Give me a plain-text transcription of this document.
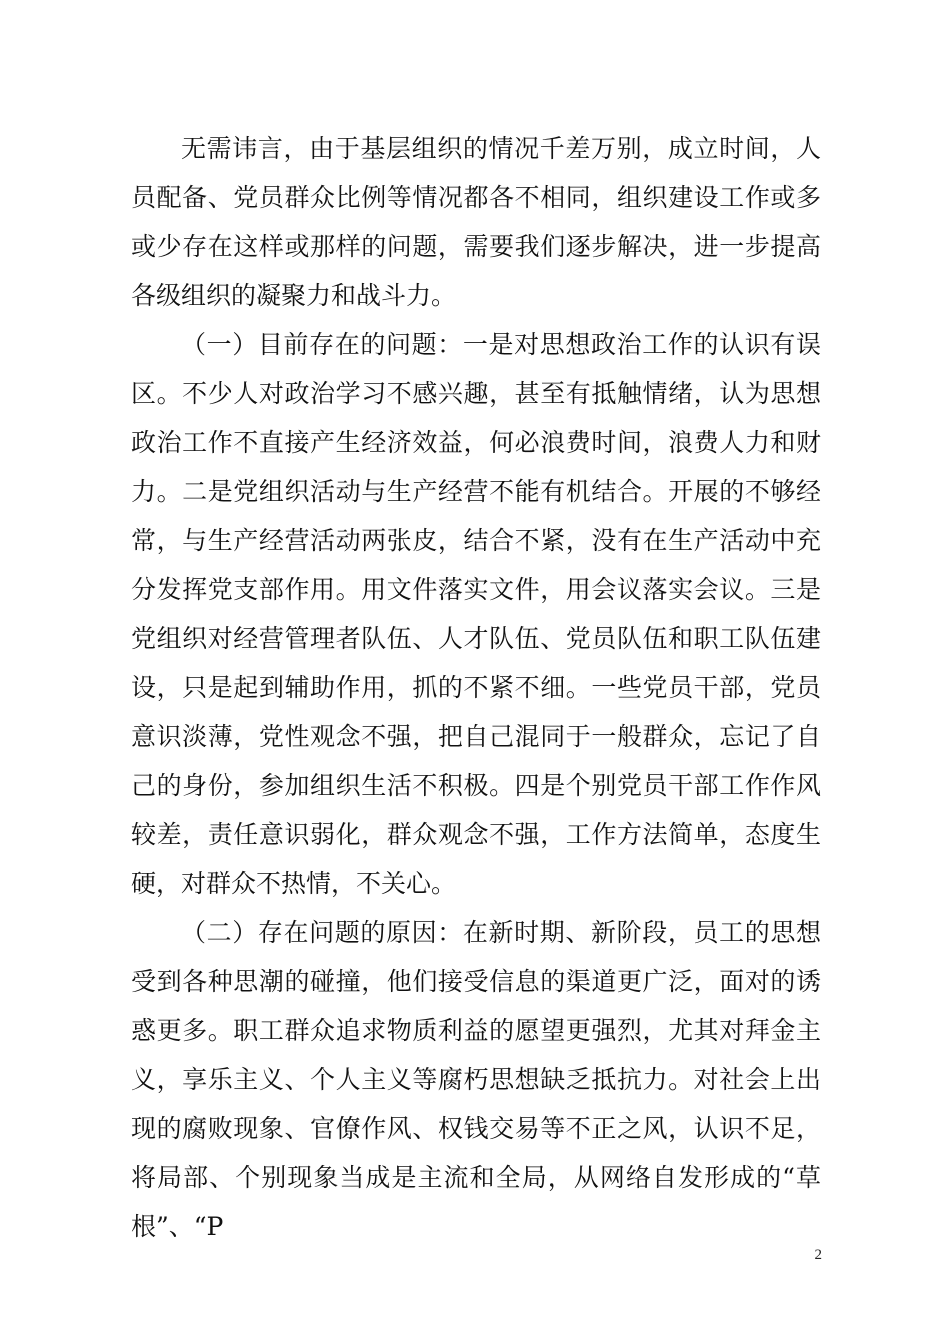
无需讳言，由于基层组织的情况千差万别，成立时间，人员配备、党员群众比例等情况都各不相同，组织建设工作或多或少存在这样或那样的问题，需要我们逐步解决，进一步提高各级组织的凝聚力和战斗力。

（一）目前存在的问题：一是对思想政治工作的认识有误区。不少人对政治学习不感兴趣，甚至有抵触情绪，认为思想政治工作不直接产生经济效益，何必浪费时间，浪费人力和财力。二是党组织活动与生产经营不能有机结合。开展的不够经常，与生产经营活动两张皮，结合不紧，没有在生产活动中充分发挥党支部作用。用文件落实文件，用会议落实会议。三是党组织对经营管理者队伍、人才队伍、党员队伍和职工队伍建设，只是起到辅助作用，抓的不紧不细。一些党员干部，党员意识淡薄，党性观念不强，把自己混同于一般群众，忘记了自己的身份，参加组织生活不积极。四是个别党员干部工作作风较差，责任意识弱化，群众观念不强，工作方法简单，态度生硬，对群众不热情，不关心。

（二）存在问题的原因：在新时期、新阶段，员工的思想受到各种思潮的碰撞，他们接受信息的渠道更广泛，面对的诱惑更多。职工群众追求物质利益的愿望更强烈，尤其对拜金主义，享乐主义、个人主义等腐朽思想缺乏抵抗力。对社会上出现的腐败现象、官僚作风、权钱交易等不正之风，认识不足，将局部、个别现象当成是主流和全局，从网络自发形成的“草根”、“P

2
